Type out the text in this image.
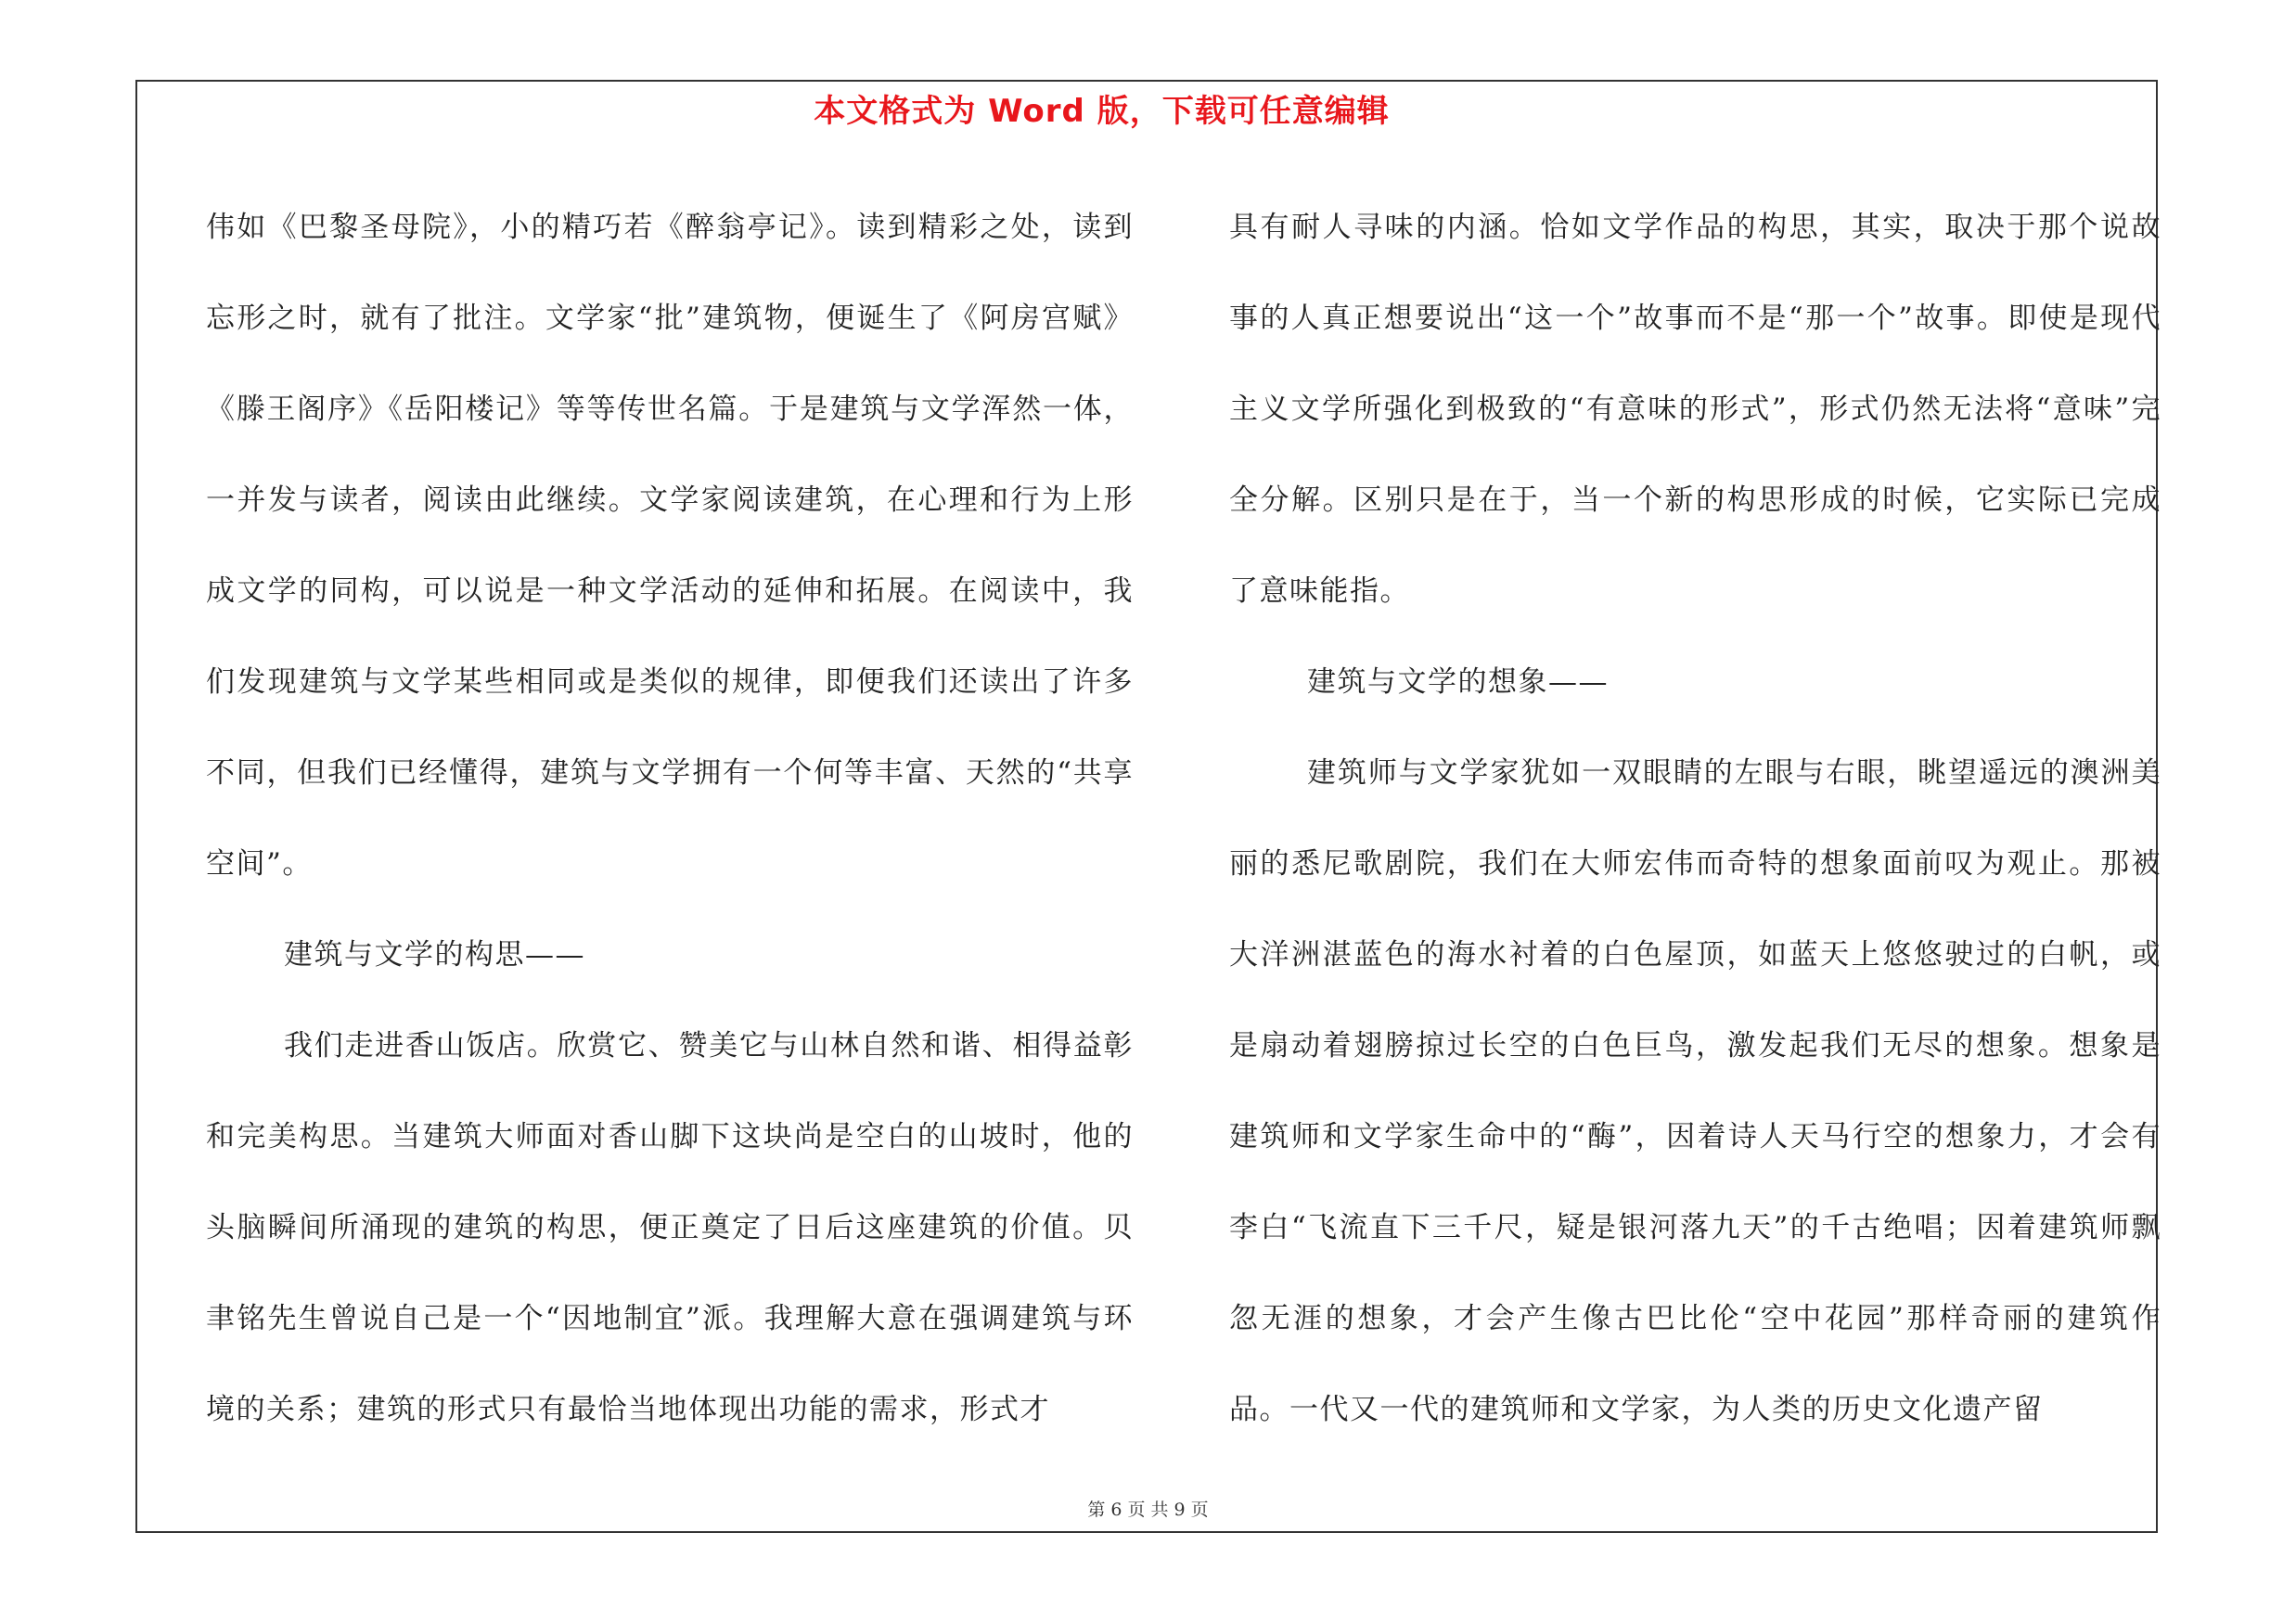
本文格式为 Word 版，下载可任意编辑

伟如《巴黎圣母院》，小的精巧若《醉翁亭记》。读到精彩之处，读到忘形之时，就有了批注。文学家“批”建筑物，便诞生了《阿房宫赋》《滕王阁序》《岳阳楼记》等等传世名篇。于是建筑与文学浑然一体，一并发与读者，阅读由此继续。文学家阅读建筑，在心理和行为上形成文学的同构，可以说是一种文学活动的延伸和拓展。在阅读中，我们发现建筑与文学某些相同或是类似的规律，即便我们还读出了许多不同，但我们已经懂得，建筑与文学拥有一个何等丰富、天然的“共享空间”。

建筑与文学的构思——

我们走进香山饭店。欣赏它、赞美它与山林自然和谐、相得益彰和完美构思。当建筑大师面对香山脚下这块尚是空白的山坡时，他的头脑瞬间所涌现的建筑的构思，便正奠定了日后这座建筑的价值。贝聿铭先生曾说自己是一个“因地制宜”派。我理解大意在强调建筑与环境的关系；建筑的形式只有最恰当地体现出功能的需求，形式才

具有耐人寻味的内涵。恰如文学作品的构思，其实，取决于那个说故事的人真正想要说出“这一个”故事而不是“那一个”故事。即使是现代主义文学所强化到极致的“有意味的形式”，形式仍然无法将“意味”完全分解。区别只是在于，当一个新的构思形成的时候，它实际已完成了意味能指。

建筑与文学的想象——

建筑师与文学家犹如一双眼睛的左眼与右眼，眺望遥远的澳洲美丽的悉尼歌剧院，我们在大师宏伟而奇特的想象面前叹为观止。那被大洋洲湛蓝色的海水衬着的白色屋顶，如蓝天上悠悠驶过的白帆，或是扇动着翅膀掠过长空的白色巨鸟，激发起我们无尽的想象。想象是建筑师和文学家生命中的“酶”，因着诗人天马行空的想象力，才会有李白“飞流直下三千尺，疑是银河落九天”的千古绝唱；因着建筑师飘忽无涯的想象，才会产生像古巴比伦“空中花园”那样奇丽的建筑作品。一代又一代的建筑师和文学家，为人类的历史文化遗产留

第 6 页 共 9 页
